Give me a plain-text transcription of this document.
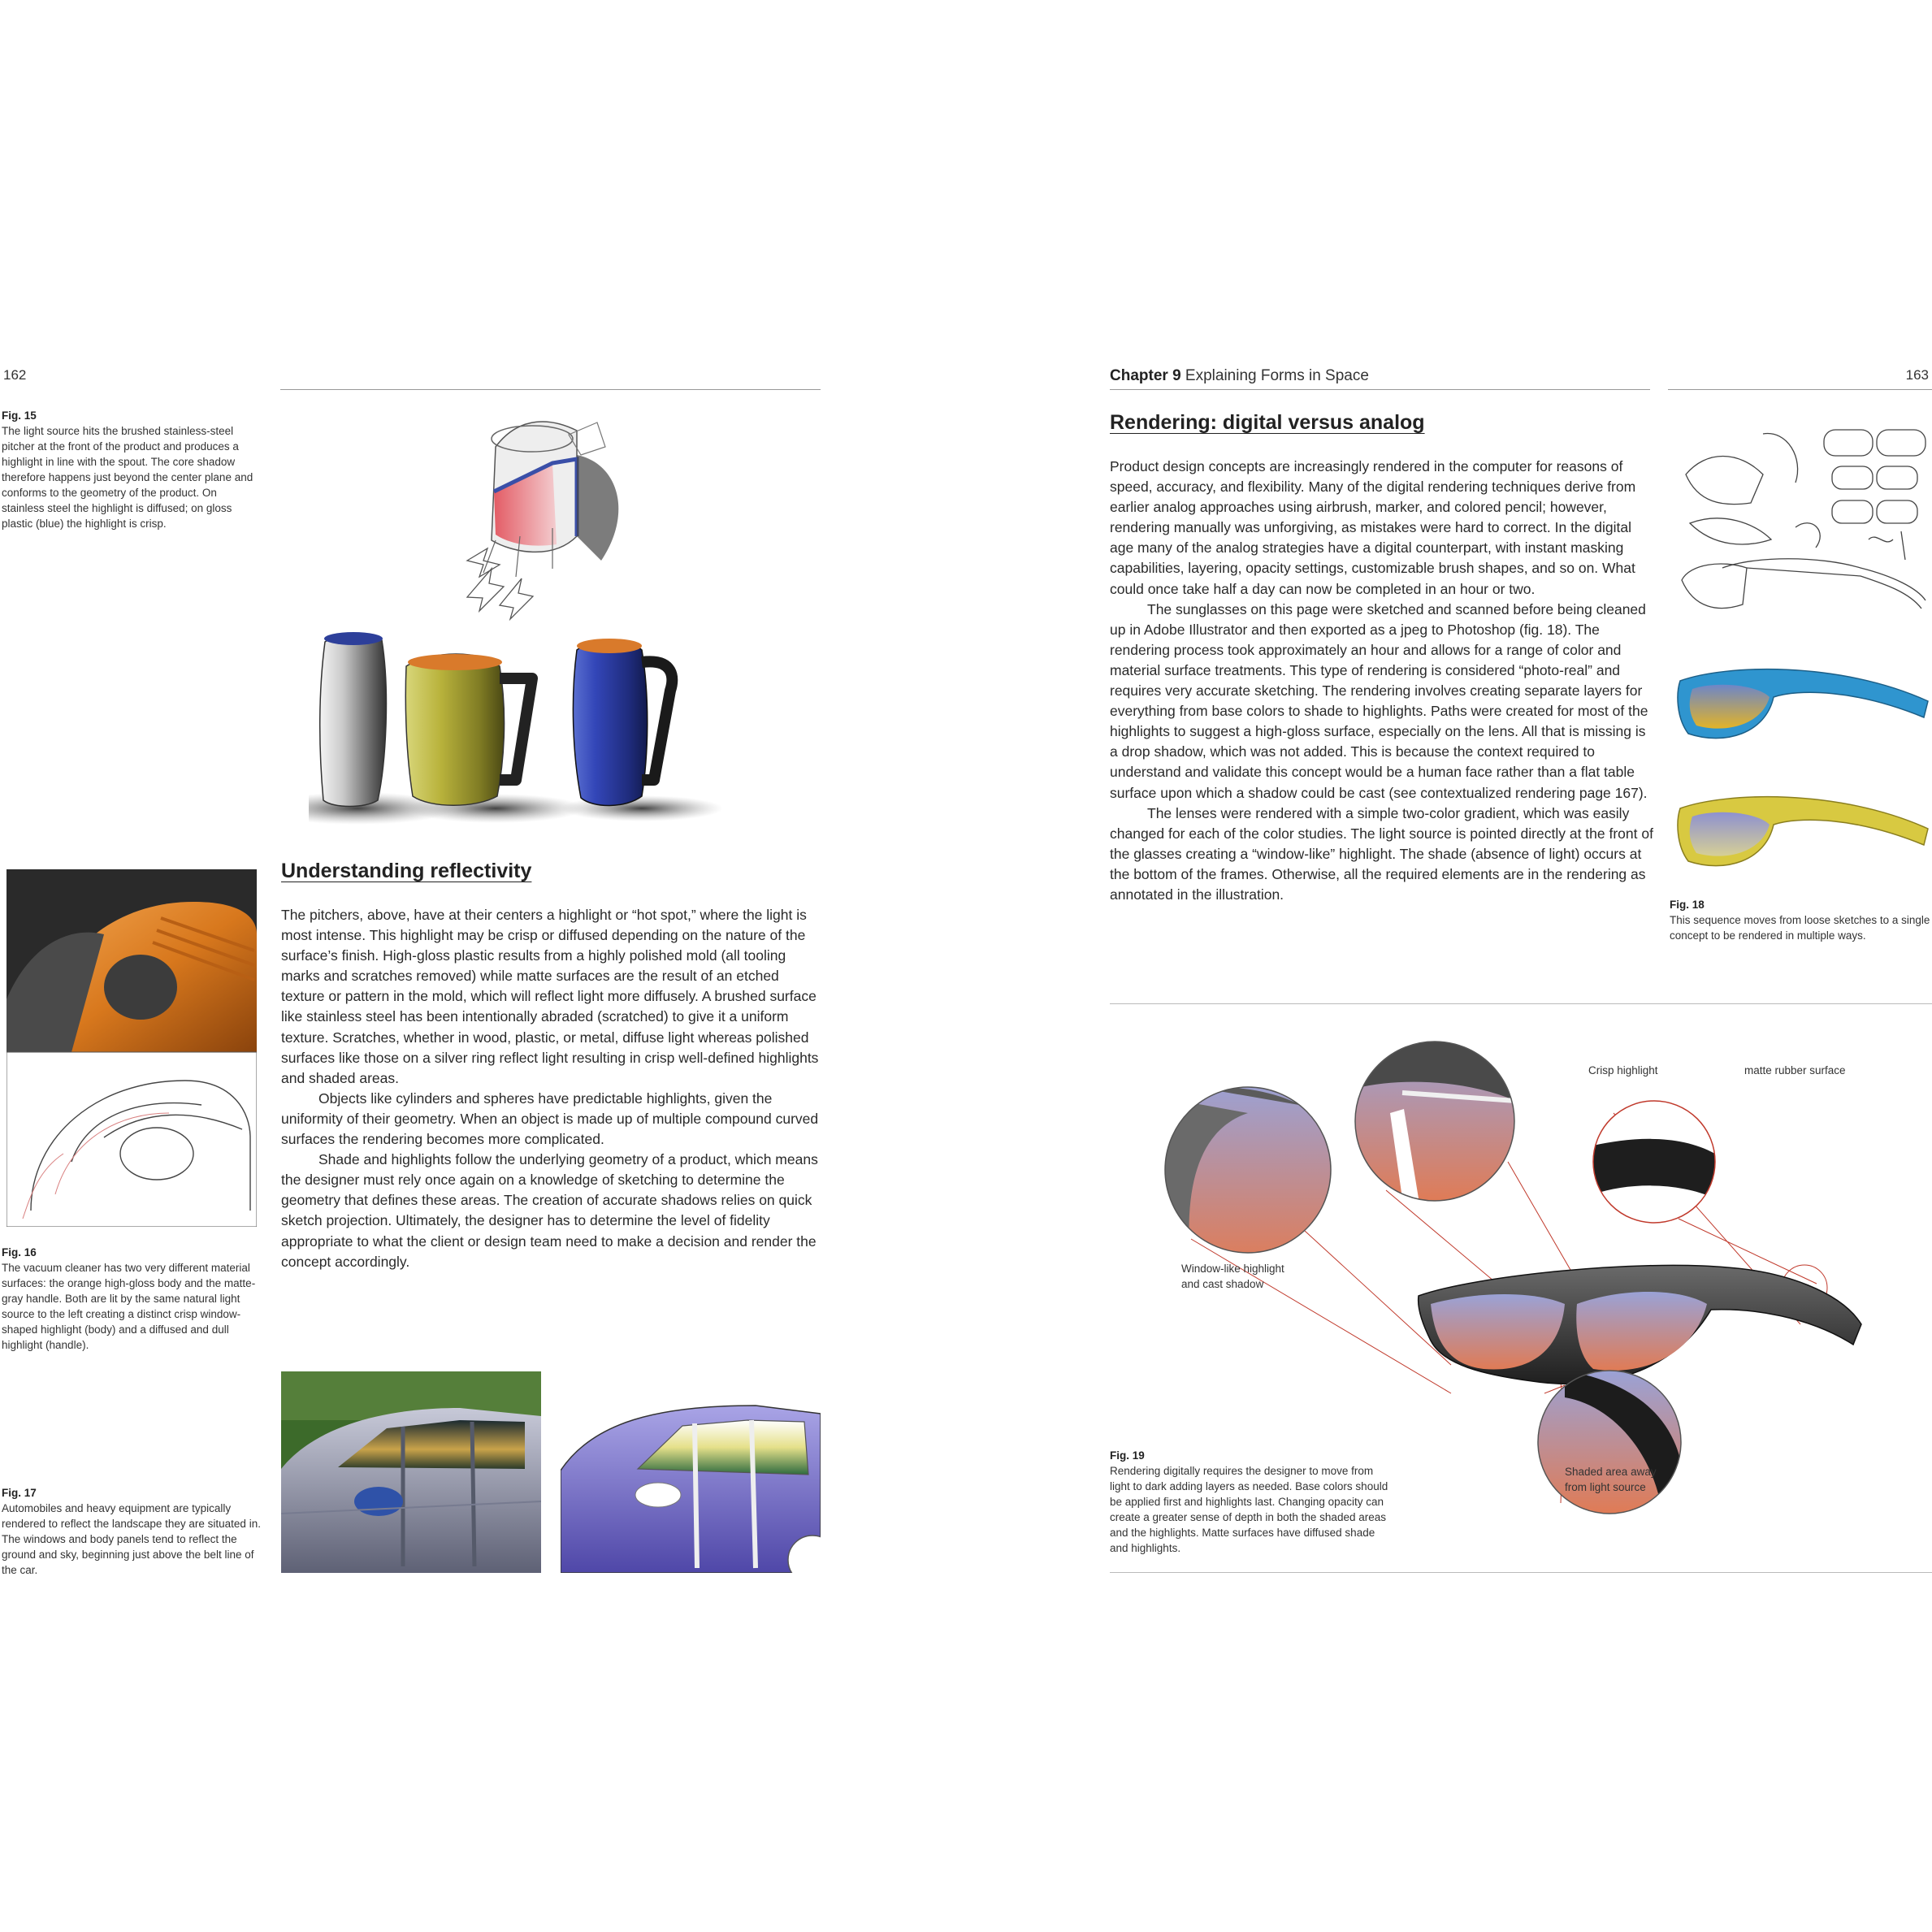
162
Fig. 15
The light source hits the brushed stainless-steel pitcher at the front of the product and produces a highlight in line with the spout. The core shadow therefore happens just beyond the center plane and conforms to the geometry of the product. On stainless steel the highlight is diffused; on gloss plastic (blue) the highlight is crisp.
Fig. 16
The vacuum cleaner has two very different material surfaces: the orange high-gloss body and the matte-gray handle. Both are lit by the same natural light source to the left creating a distinct crisp window-shaped highlight (body) and a diffused and dull highlight (handle).
Understanding reflectivity

The pitchers, above, have at their centers a highlight or “hot spot,” where the light is most intense. This highlight may be crisp or diffused depending on the nature of the surface’s finish. High-gloss plastic results from a highly polished mold (all tooling marks and scratches removed) while matte surfaces are the result of an etched texture or pattern in the mold, which will reflect light more diffusely. A brushed surface like stainless steel has been intentionally abraded (scratched) to give it a uniform texture. Scratches, whether in wood, plastic, or metal, diffuse light whereas polished surfaces like those on a silver ring reflect light resulting in crisp well-defined highlights and shaded areas.

Objects like cylinders and spheres have predictable highlights, given the uniformity of their geometry. When an object is made up of multiple compound curved surfaces the rendering becomes more complicated.

Shade and highlights follow the underlying geometry of a product, which means the designer must rely once again on a knowledge of sketching to determine the geometry that defines these areas. The creation of accurate shadows relies on quick sketch projection. Ultimately, the designer has to determine the level of fidelity appropriate to what the client or design team need to make a decision and render the concept accordingly.

Fig. 17
Automobiles and heavy equipment are typically rendered to reflect the landscape they are situated in. The windows and body panels tend to reflect the ground and sky, beginning just above the belt line of the car.
Chapter 9 Explaining Forms in Space	163
Rendering: digital versus analog

Product design concepts are increasingly rendered in the computer for reasons of speed, accuracy, and flexibility. Many of the digital rendering techniques derive from earlier analog approaches using airbrush, marker, and colored pencil; however, rendering manually was unforgiving, as mistakes were hard to correct. In the digital age many of the analog strategies have a digital counterpart, with instant masking capabilities, layering, opacity settings, customizable brush shapes, and so on. What could once take half a day can now be completed in an hour or two.

The sunglasses on this page were sketched and scanned before being cleaned up in Adobe Illustrator and then exported as a jpeg to Photoshop (fig. 18). The rendering process took approximately an hour and allows for a range of color and material surface treatments. This type of rendering is considered “photo-real” and requires very accurate sketching. The rendering involves creating separate layers for everything from base colors to shade to highlights. Paths were created for most of the highlights to suggest a high-gloss surface, especially on the lens. All that is missing is a drop shadow, which was not added. This is because the context required to understand and validate this concept would be a human face rather than a flat table surface upon which a shadow could be cast (see contextualized rendering page 167).

The lenses were rendered with a simple two-color gradient, which was easily changed for each of the color studies. The light source is pointed directly at the front of the glasses creating a “window-like” highlight. The shade (absence of light) occurs at the bottom of the frames. Otherwise, all the required elements are in the rendering as annotated in the illustration.

Fig. 18
This sequence moves from loose sketches to a single concept to be rendered in multiple ways.
Crisp highlight	matte rubber surface
Window-like highlight and cast shadow
Shaded area away from light source
Fig. 19
Rendering digitally requires the designer to move from light to dark adding layers as needed. Base colors should be applied first and highlights last. Changing opacity can create a greater sense of depth in both the shaded areas and the highlights. Matte surfaces have diffused shade and highlights.
